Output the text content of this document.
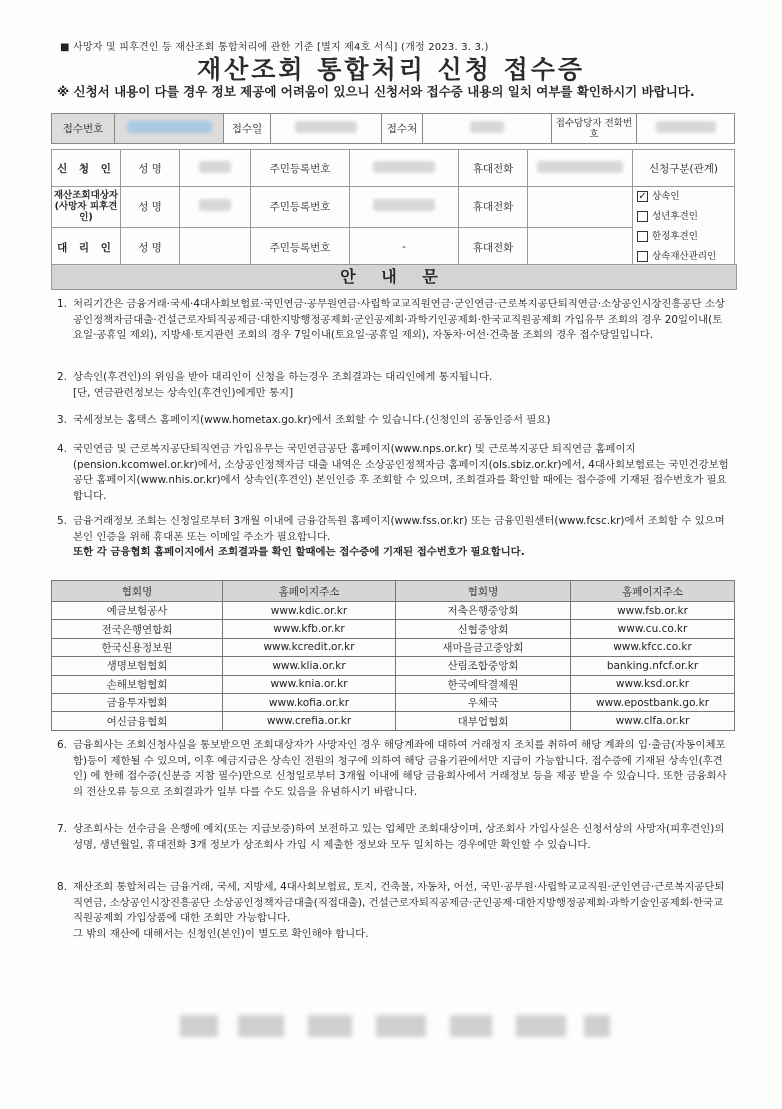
■ 사망자 및 피후견인 등 재산조회 통합처리에 관한 기준 [별지 제4호 서식] (개정 2023. 3. 3.)
재산조회 통합처리 신청 접수증
※ 신청서 내용이 다를 경우 정보 제공에 어려움이 있으니 신청서와 접수증 내용의 일치 여부를 확인하시기 바랍니다.
접수번호		접수일		접수처		접수담당자 전화번호	
신 청 인	성 명		주민등록번호		휴대전화		신청구분(관계)
재산조회대상자(사망자 피후견인)	성 명		주민등록번호		휴대전화		✓ 상속인
성년후견인
한정후견인
상속재산관리인

대 리 인	성 명		주민등록번호	-	휴대전화		
안 내 문
1. 처리기간은 금융거래·국세·4대사회보험료·국민연금·공무원연금·사립학교교직원연금·군인연금·근로복지공단퇴직연금·소상공인시장진흥공단 소상공인정책자금대출·건설근로자퇴직공제금·대한지방행정공제회·군인공제회·과학기인공제회·한국교직원공제회 가입유무 조회의 경우 20일이내(토요일·공휴일 제외), 지방세·토지관련 조회의 경우 7일이내(토요일·공휴일 제외), 자동차·어선·건축물 조회의 경우 접수당일입니다.
2. 상속인(후견인)의 위임을 받아 대리인이 신청을 하는경우 조회결과는 대리인에게 통지됩니다.
[단, 연금관련정보는 상속인(후견인)에게만 통지]
3. 국세정보는 홈택스 홈페이지(www.hometax.go.kr)에서 조회할 수 있습니다.(신청인의 공동인증서 필요)
4. 국민연금 및 근로복지공단퇴직연금 가입유무는 국민연금공단 홈페이지(www.nps.or.kr) 및 근로복지공단 퇴직연금 홈페이지(pension.kcomwel.or.kr)에서, 소상공인정책자금 대출 내역은 소상공인정책자금 홈페이지(ols.sbiz.or.kr)에서, 4대사회보험료는 국민건강보험공단 홈페이지(www.nhis.or.kr)에서 상속인(후견인) 본인인증 후 조회할 수 있으며, 조회결과를 확인할 때에는 접수증에 기재된 접수번호가 필요합니다.
5. 금융거래정보 조회는 신청일로부터 3개월 이내에 금융감독원 홈페이지(www.fss.or.kr) 또는 금융민원센터(www.fcsc.kr)에서 조회할 수 있으며 본인 인증을 위해 휴대폰 또는 이메일 주소가 필요합니다.
또한 각 금융협회 홈페이지에서 조회결과를 확인 할때에는 접수증에 기재된 접수번호가 필요합니다.
협회명	홈페이지주소	협회명	홈페이지주소
예금보험공사	www.kdic.or.kr	저축은행중앙회	www.fsb.or.kr
전국은행연합회	www.kfb.or.kr	신협중앙회	www.cu.co.kr
한국신용정보원	www.kcredit.or.kr	새마을금고중앙회	www.kfcc.co.kr
생명보험협회	www.klia.or.kr	산림조합중앙회	banking.nfcf.or.kr
손해보험협회	www.knia.or.kr	한국예탁결제원	www.ksd.or.kr
금융투자협회	www.kofia.or.kr	우체국	www.epostbank.go.kr
여신금융협회	www.crefia.or.kr	대부업협회	www.clfa.or.kr
6. 금융회사는 조회신청사실을 통보받으면 조회대상자가 사망자인 경우 해당계좌에 대하여 거래정지 조치를 취하여 해당 계좌의 입·출금(자동이체포함)등이 제한될 수 있으며, 이후 예금지급은 상속인 전원의 청구에 의하여 해당 금융기관에서만 지급이 가능합니다. 접수증에 기재된 상속인(후견인) 에 한해 접수증(신분증 지참 필수)만으로 신청일로부터 3개월 이내에 해당 금융회사에서 거래정보 등을 제공 받을 수 있습니다. 또한 금융회사의 전산오류 등으로 조회결과가 일부 다를 수도 있음을 유념하시기 바랍니다.
7. 상조회사는 선수금을 은행에 예치(또는 지급보증)하여 보전하고 있는 업체만 조회대상이며, 상조회사 가입사실은 신청서상의 사망자(피후견인)의 성명, 생년월일, 휴대전화 3개 정보가 상조회사 가입 시 제출한 정보와 모두 일치하는 경우에만 확인할 수 있습니다.
8. 재산조회 통합처리는 금융거래, 국세, 지방세, 4대사회보험료, 토지, 건축물, 자동차, 어선, 국민·공무원·사립학교교직원·군인연금·근로복지공단퇴직연금, 소상공인시장진흥공단 소상공인정책자금대출(직접대출), 건설근로자퇴직공제금·군인공제·대한지방행정공제회·과학기술인공제회·한국교직원공제회 가입상품에 대한 조회만 가능합니다.
그 밖의 재산에 대해서는 신청인(본인)이 별도로 확인해야 합니다.
